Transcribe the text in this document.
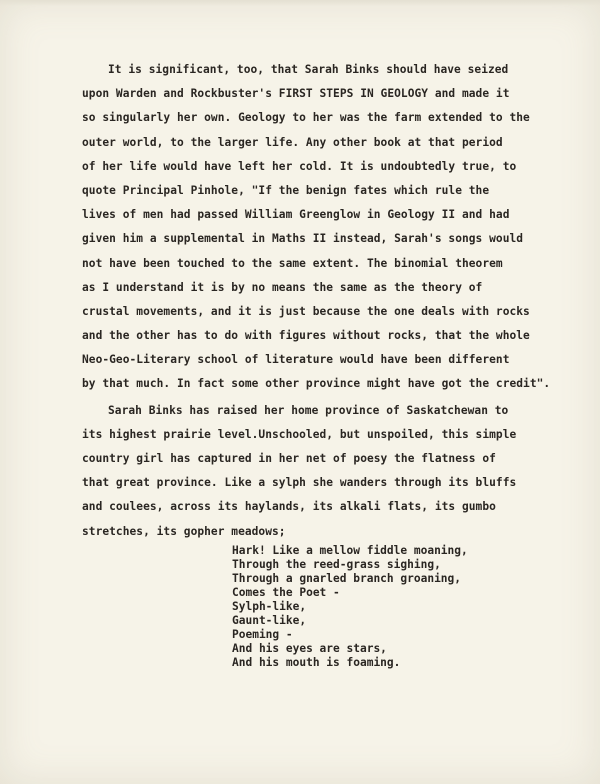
It is significant, too, that Sarah Binks should have seized

upon Warden and Rockbuster's FIRST STEPS IN GEOLOGY and made it

so singularly her own. Geology to her was the farm extended to the

outer world, to the larger life. Any other book at that period

of her life would have left her cold. It is undoubtedly true, to

quote Principal Pinhole, "If the benign fates which rule the

lives of men had passed William Greenglow in Geology II and had

given him a supplemental in Maths II instead, Sarah's songs would

not have been touched to the same extent. The binomial theorem

as I understand it is by no means the same as the theory of

crustal movements, and it is just because the one deals with rocks

and the other has to do with figures without rocks, that the whole

Neo-Geo-Literary school of literature would have been different

by that much. In fact some other province might have got the credit".

Sarah Binks has raised her home province of Saskatchewan to

its highest prairie level.Unschooled, but unspoiled, this simple

country girl has captured in her net of poesy the flatness of

that great province. Like a sylph she wanders through its bluffs

and coulees, across its haylands, its alkali flats, its gumbo

stretches, its gopher meadows;

Hark! Like a mellow fiddle moaning,

Through the reed-grass sighing,

Through a gnarled branch groaning,

Comes the Poet -

Sylph-like,

Gaunt-like,

Poeming -

And his eyes are stars,

And his mouth is foaming.
